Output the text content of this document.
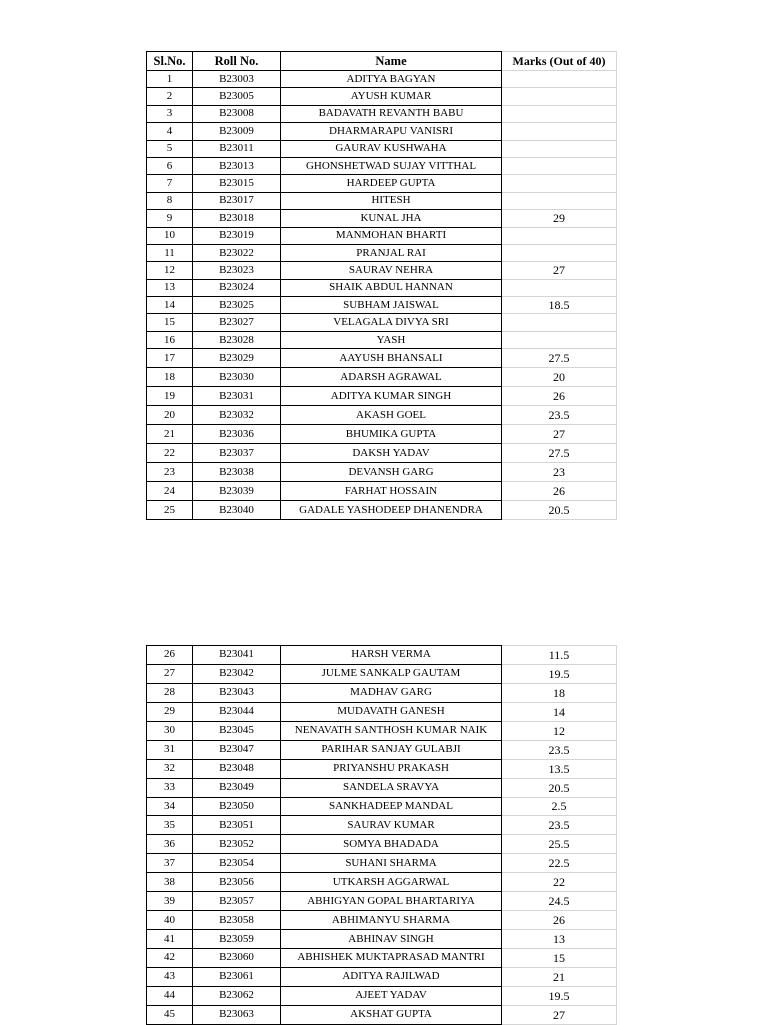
Sl.No.	Roll No.	Name	Marks (Out of 40)
1	B23003	ADITYA BAGYAN	
2	B23005	AYUSH KUMAR	
3	B23008	BADAVATH REVANTH BABU	
4	B23009	DHARMARAPU VANISRI	
5	B23011	GAURAV KUSHWAHA	
6	B23013	GHONSHETWAD SUJAY VITTHAL	
7	B23015	HARDEEP GUPTA	
8	B23017	HITESH	
9	B23018	KUNAL JHA	29
10	B23019	MANMOHAN BHARTI	
11	B23022	PRANJAL RAI	
12	B23023	SAURAV NEHRA	27
13	B23024	SHAIK ABDUL HANNAN	
14	B23025	SUBHAM JAISWAL	18.5
15	B23027	VELAGALA DIVYA SRI	
16	B23028	YASH	
17	B23029	AAYUSH BHANSALI	27.5
18	B23030	ADARSH AGRAWAL	20
19	B23031	ADITYA KUMAR SINGH	26
20	B23032	AKASH GOEL	23.5
21	B23036	BHUMIKA GUPTA	27
22	B23037	DAKSH YADAV	27.5
23	B23038	DEVANSH GARG	23
24	B23039	FARHAT HOSSAIN	26
25	B23040	GADALE YASHODEEP DHANENDRA	20.5
26	B23041	HARSH VERMA	11.5
27	B23042	JULME SANKALP GAUTAM	19.5
28	B23043	MADHAV GARG	18
29	B23044	MUDAVATH GANESH	14
30	B23045	NENAVATH SANTHOSH KUMAR NAIK	12
31	B23047	PARIHAR SANJAY GULABJI	23.5
32	B23048	PRIYANSHU PRAKASH	13.5
33	B23049	SANDELA SRAVYA	20.5
34	B23050	SANKHADEEP MANDAL	2.5
35	B23051	SAURAV KUMAR	23.5
36	B23052	SOMYA BHADADA	25.5
37	B23054	SUHANI SHARMA	22.5
38	B23056	UTKARSH AGGARWAL	22
39	B23057	ABHIGYAN GOPAL BHARTARIYA	24.5
40	B23058	ABHIMANYU SHARMA	26
41	B23059	ABHINAV SINGH	13
42	B23060	ABHISHEK MUKTAPRASAD MANTRI	15
43	B23061	ADITYA RAJILWAD	21
44	B23062	AJEET YADAV	19.5
45	B23063	AKSHAT GUPTA	27
